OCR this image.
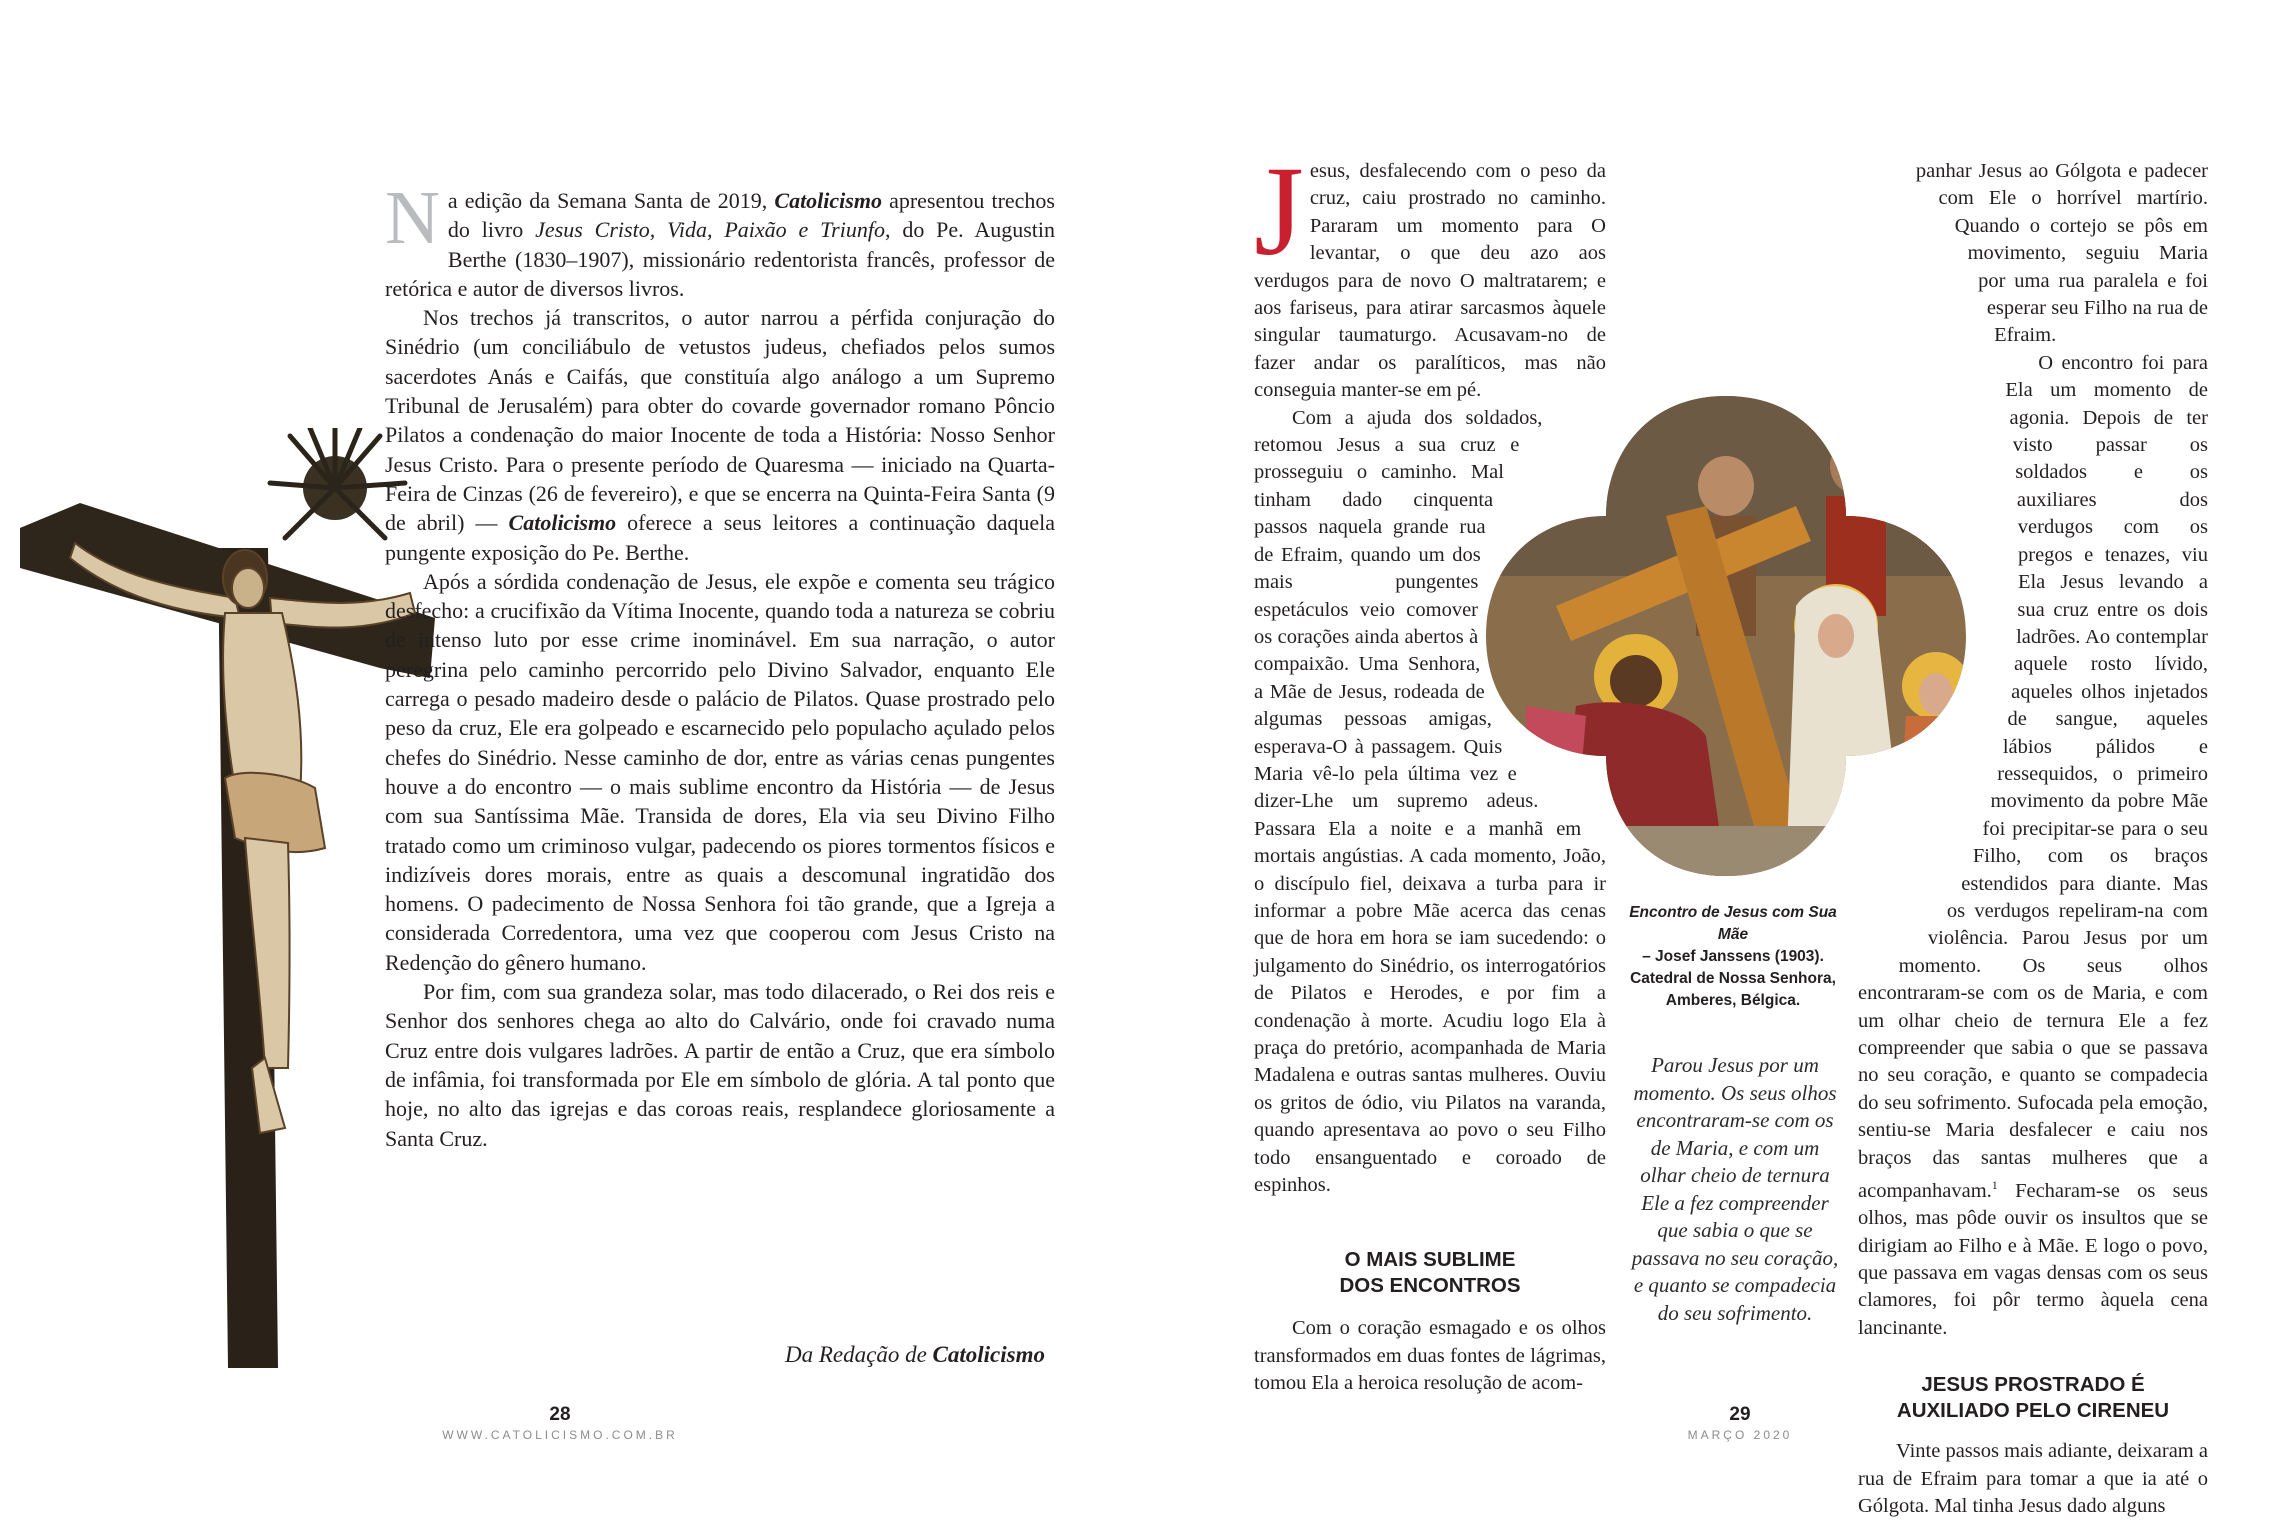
Na edição da Semana Santa de 2019, Catolicismo apresentou trechos do livro Jesus Cristo, Vida, Paixão e Triunfo, do Pe. Augustin Berthe (1830–1907), missionário redentorista francês, professor de retórica e autor de diversos livros.

Nos trechos já transcritos, o autor narrou a pérfida conjuração do Sinédrio (um conciliábulo de vetustos judeus, chefiados pelos sumos sacerdotes Anás e Caifás, que constituía algo análogo a um Supremo Tribunal de Jerusalém) para obter do covarde governador romano Pôncio Pilatos a condenação do maior Inocente de toda a História: Nosso Senhor Jesus Cristo. Para o presente período de Quaresma — iniciado na Quarta-Feira de Cinzas (26 de fevereiro), e que se encerra na Quinta-Feira Santa (9 de abril) — Catolicismo oferece a seus leitores a continuação daquela pungente exposição do Pe. Berthe.

Após a sórdida condenação de Jesus, ele expõe e comenta seu trágico desfecho: a crucifixão da Vítima Inocente, quando toda a natureza se cobriu de intenso luto por esse crime inominável. Em sua narração, o autor peregrina pelo caminho percorrido pelo Divino Salvador, enquanto Ele carrega o pesado madeiro desde o palácio de Pilatos. Quase prostrado pelo peso da cruz, Ele era golpeado e escarnecido pelo populacho açulado pelos chefes do Sinédrio. Nesse caminho de dor, entre as várias cenas pungentes houve a do encontro — o mais sublime encontro da História — de Jesus com sua Santíssima Mãe. Transida de dores, Ela via seu Divino Filho tratado como um criminoso vulgar, padecendo os piores tormentos físicos e indizíveis dores morais, entre as quais a descomunal ingratidão dos homens. O padecimento de Nossa Senhora foi tão grande, que a Igreja a considerada Corredentora, uma vez que cooperou com Jesus Cristo na Redenção do gênero humano.

Por fim, com sua grandeza solar, mas todo dilacerado, o Rei dos reis e Senhor dos senhores chega ao alto do Calvário, onde foi cravado numa Cruz entre dois vulgares ladrões. A partir de então a Cruz, que era símbolo de infâmia, foi transformada por Ele em símbolo de glória. A tal ponto que hoje, no alto das igrejas e das coroas reais, resplandece gloriosamente a Santa Cruz.

Da Redação de Catolicismo
28
WWW.CATOLICISMO.COM.BR

Jesus, desfalecendo com o peso da cruz, caiu prostrado no caminho. Pararam um momento para O levantar, o que deu azo aos verdugos para de novo O maltratarem; e aos fariseus, para atirar sarcasmos àquele singular taumaturgo. Acusavam-no de fazer andar os paralíticos, mas não conseguia manter-se em pé.

Com a ajuda dos soldados, retomou Jesus a sua cruz e prosseguiu o caminho. Mal tinham dado cinquenta passos naquela grande rua de Efraim, quando um dos mais pungentes espetáculos veio comover os corações ainda abertos à compaixão. Uma Senhora, a Mãe de Jesus, rodeada de algumas pessoas amigas, esperava-O à passagem. Quis Maria vê-lo pela última vez e dizer-Lhe um supremo adeus. Passara Ela a noite e a manhã em mortais angústias. A cada momento, João, o discípulo fiel, deixava a turba para ir informar a pobre Mãe acerca das cenas que de hora em hora se iam sucedendo: o julgamento do Sinédrio, os interrogatórios de Pilatos e Herodes, e por fim a condenação à morte. Acudiu logo Ela à praça do pretório, acompanhada de Maria Madalena e outras santas mulheres. Ouviu os gritos de ódio, viu Pilatos na varanda, quando apresentava ao povo o seu Filho todo ensanguentado e coroado de espinhos.

O MAIS SUBLIME DOS ENCONTROS

Com o coração esmagado e os olhos transformados em duas fontes de lágrimas, tomou Ela a heroica resolução de acom-

Encontro de Jesus com Sua Mãe
– Josef Janssens (1903). Catedral de Nossa Senhora, Amberes, Bélgica.
Parou Jesus por um momento. Os seus olhos encontraram-se com os de Maria, e com um olhar cheio de ternura Ele a fez compreender que sabia o que se passava no seu coração, e quanto se compadecia do seu sofrimento.

panhar Jesus ao Gólgota e padecer com Ele o horrível martírio. Quando o cortejo se pôs em movimento, seguiu Maria por uma rua paralela e foi esperar seu Filho na rua de Efraim.

O encontro foi para Ela um momento de agonia. Depois de ter visto passar os soldados e os auxiliares dos verdugos com os pregos e tenazes, viu Ela Jesus levando a sua cruz entre os dois ladrões. Ao contemplar aquele rosto lívido, aqueles olhos injetados de sangue, aqueles lábios pálidos e ressequidos, o primeiro movimento da pobre Mãe foi precipitar-se para o seu Filho, com os braços estendidos para diante. Mas os verdugos repeliram-na com violência. Parou Jesus por um momento. Os seus olhos encontraram-se com os de Maria, e com um olhar cheio de ternura Ele a fez compreender que sabia o que se passava no seu coração, e quanto se compadecia do seu sofrimento. Sufocada pela emoção, sentiu-se Maria desfalecer e caiu nos braços das santas mulheres que a acompanhavam.$^1$ Fecharam-se os seus olhos, mas pôde ouvir os insultos que se dirigiam ao Filho e à Mãe. E logo o povo, que passava em vagas densas com os seus clamores, foi pôr termo àquela cena lancinante.

JESUS PROSTRADO É AUXILIADO PELO CIRENEU

Vinte passos mais adiante, deixaram a rua de Efraim para tomar a que ia até o Gólgota. Mal tinha Jesus dado alguns

29
MARÇO 2020
